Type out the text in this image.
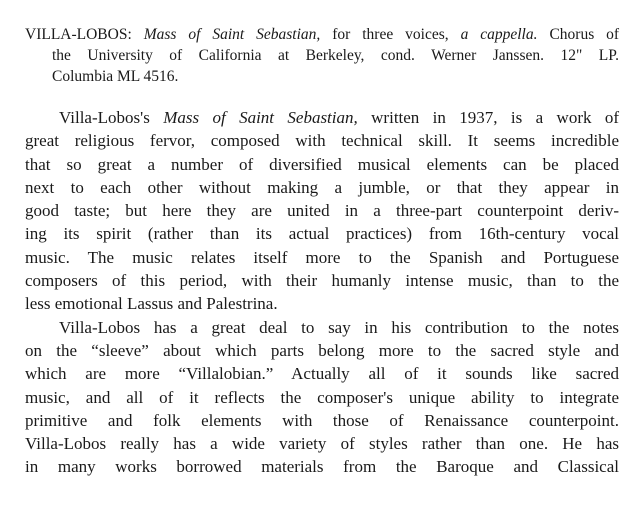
VILLA-LOBOS: Mass of Saint Sebastian, for three voices, a cappella. Chorus of
the University of California at Berkeley, cond. Werner Janssen. 12" LP.
Columbia ML 4516.
Villa-Lobos's Mass of Saint Sebastian, written in 1937, is a work of
great religious fervor, composed with technical skill. It seems incredible
that so great a number of diversified musical elements can be placed
next to each other without making a jumble, or that they appear in
good taste; but here they are united in a three-part counterpoint deriv-
ing its spirit (rather than its actual practices) from 16th-century vocal
music. The music relates itself more to the Spanish and Portuguese
composers of this period, with their humanly intense music, than to the
less emotional Lassus and Palestrina.
Villa-Lobos has a great deal to say in his contribution to the notes
on the “sleeve” about which parts belong more to the sacred style and
which are more “Villalobian.” Actually all of it sounds like sacred
music, and all of it reflects the composer's unique ability to integrate
primitive and folk elements with those of Renaissance counterpoint.
Villa-Lobos really has a wide variety of styles rather than one. He has
in many works borrowed materials from the Baroque and Classical
